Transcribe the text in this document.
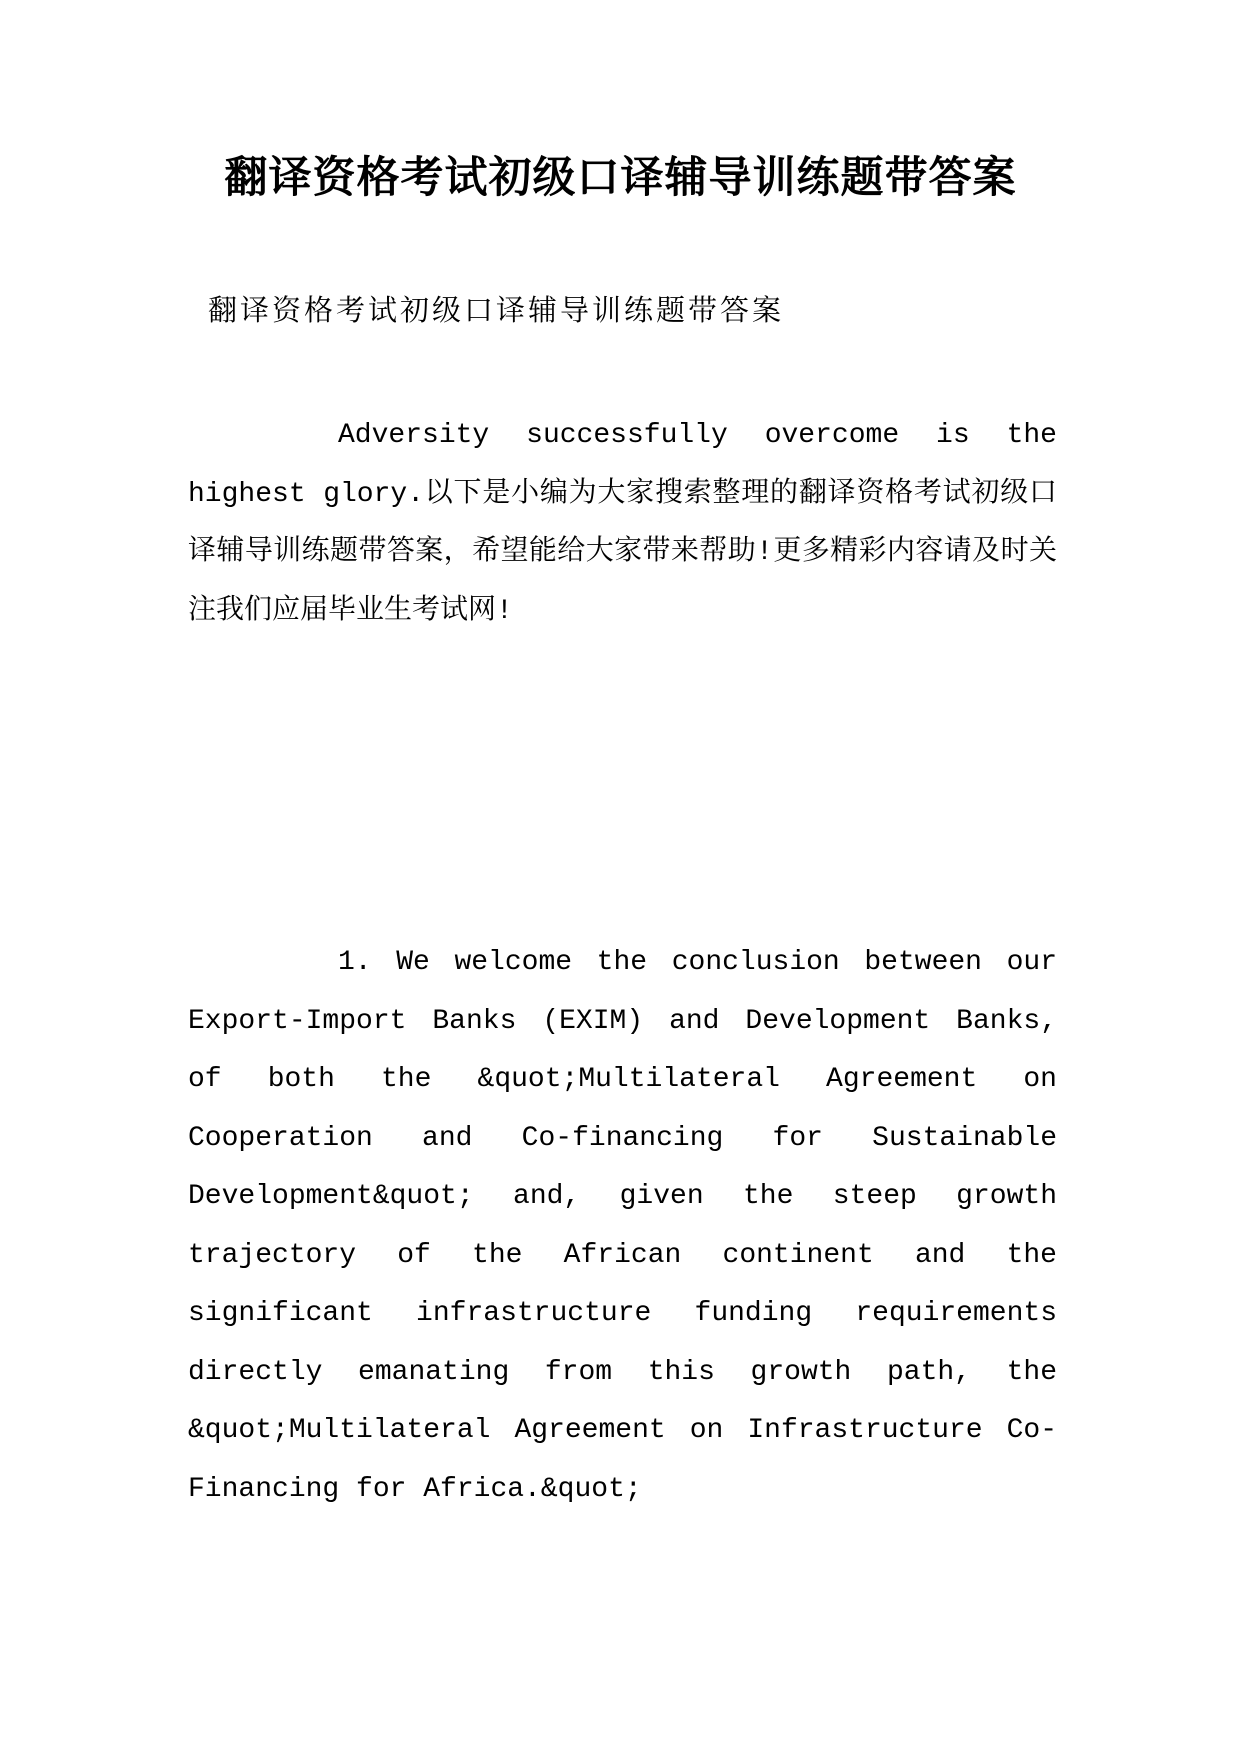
翻译资格考试初级口译辅导训练题带答案

翻译资格考试初级口译辅导训练题带答案

Adversity successfully overcome is the highest glory.以下是小编为大家搜索整理的翻译资格考试初级口译辅导训练题带答案，希望能给大家带来帮助!更多精彩内容请及时关注我们应届毕业生考试网!

1. We welcome the conclusion between our Export-Import Banks (EXIM) and Development Banks, of both the &quot;Multilateral Agreement on Cooperation and Co-financing for Sustainable Development&quot; and, given the steep growth trajectory of the African continent and the significant infrastructure funding requirements directly emanating from this growth path, the &quot;Multilateral Agreement on Infrastructure Co-Financing for Africa.&quot;
